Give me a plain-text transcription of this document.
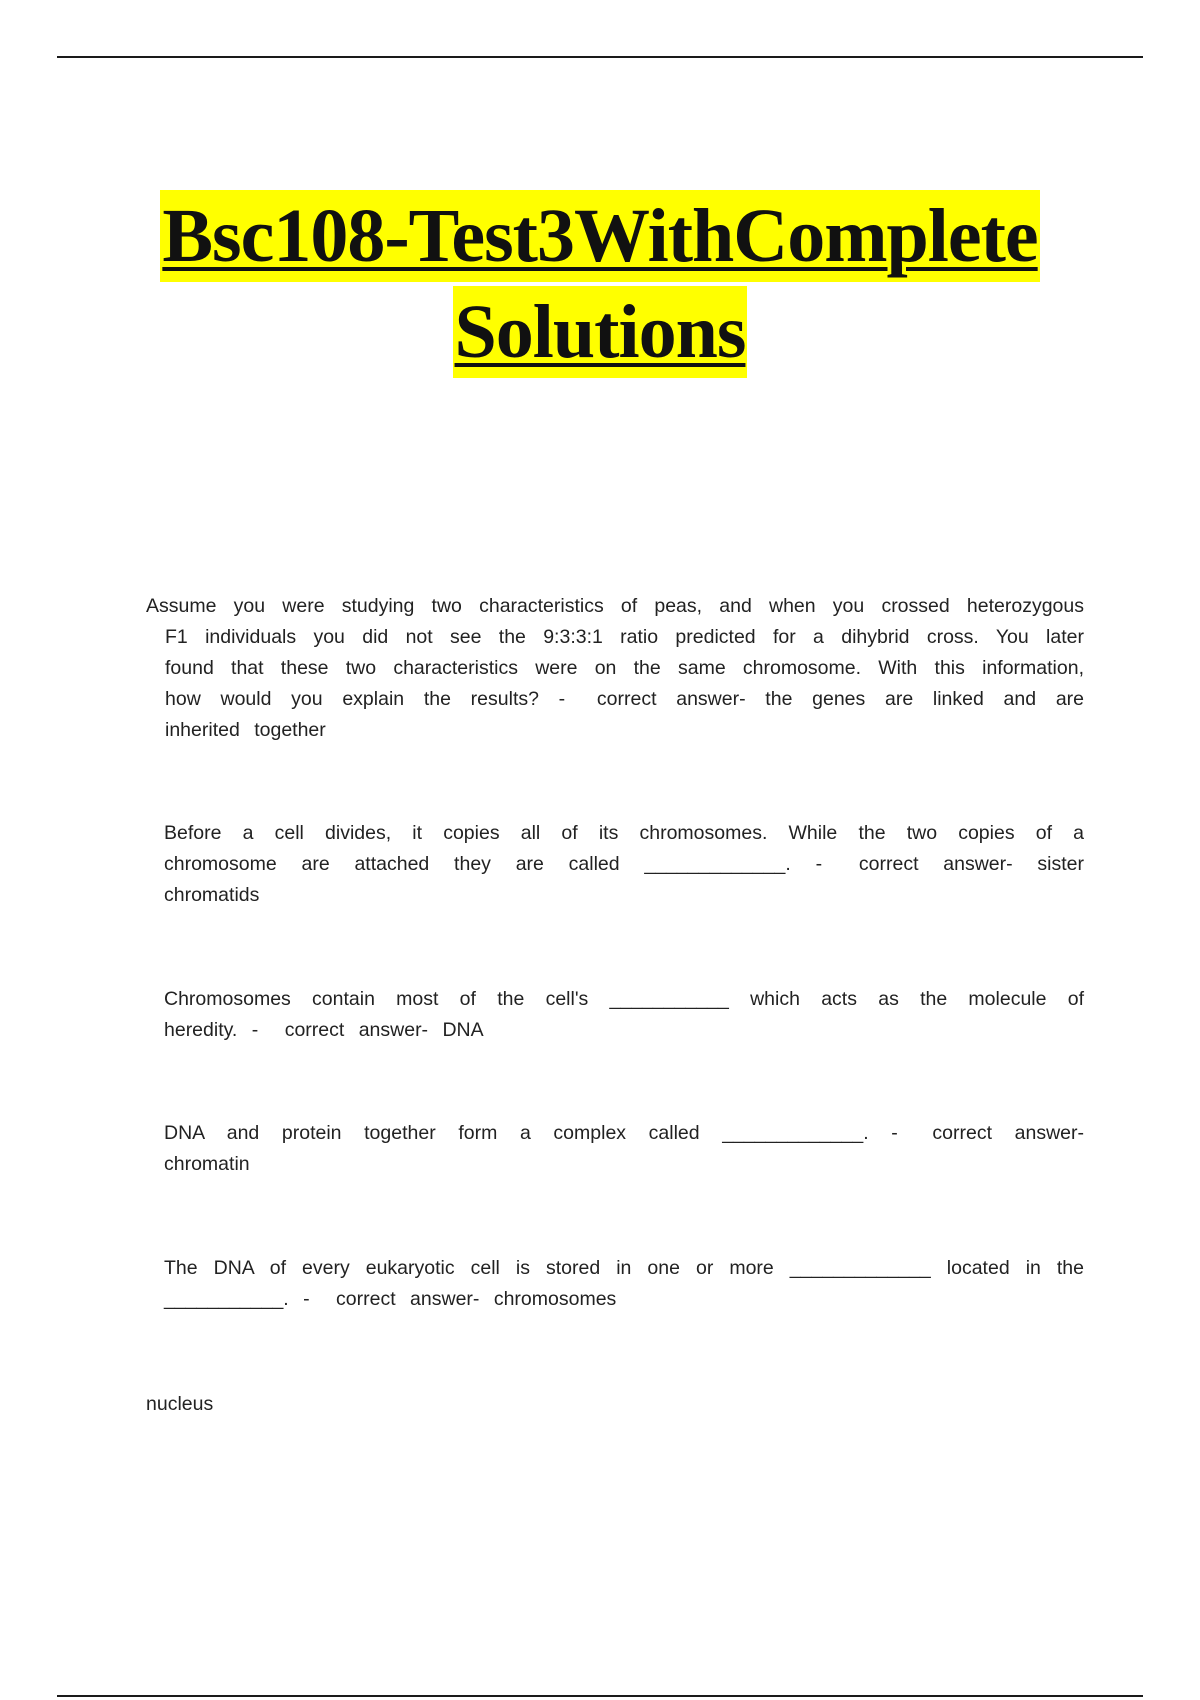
Bsc108-Test3WithComplete
Solutions
Assume you were studying two characteristics of peas, and when you crossed heterozygous F1 individuals you did not see the 9:3:3:1 ratio predicted for a dihybrid cross. You later found that these two characteristics were on the same chromosome. With this information, how would you explain the results? - correct answer- the genes are linked and are inherited together
Before a cell divides, it copies all of its chromosomes. While the two copies of a chromosome are attached they are called _____________. - correct answer- sister chromatids
Chromosomes contain most of the cell's ___________ which acts as the molecule of heredity. - correct answer- DNA
DNA and protein together form a complex called _____________. - correct answer- chromatin
The DNA of every eukaryotic cell is stored in one or more _____________ located in the ___________. - correct answer- chromosomes
nucleus
